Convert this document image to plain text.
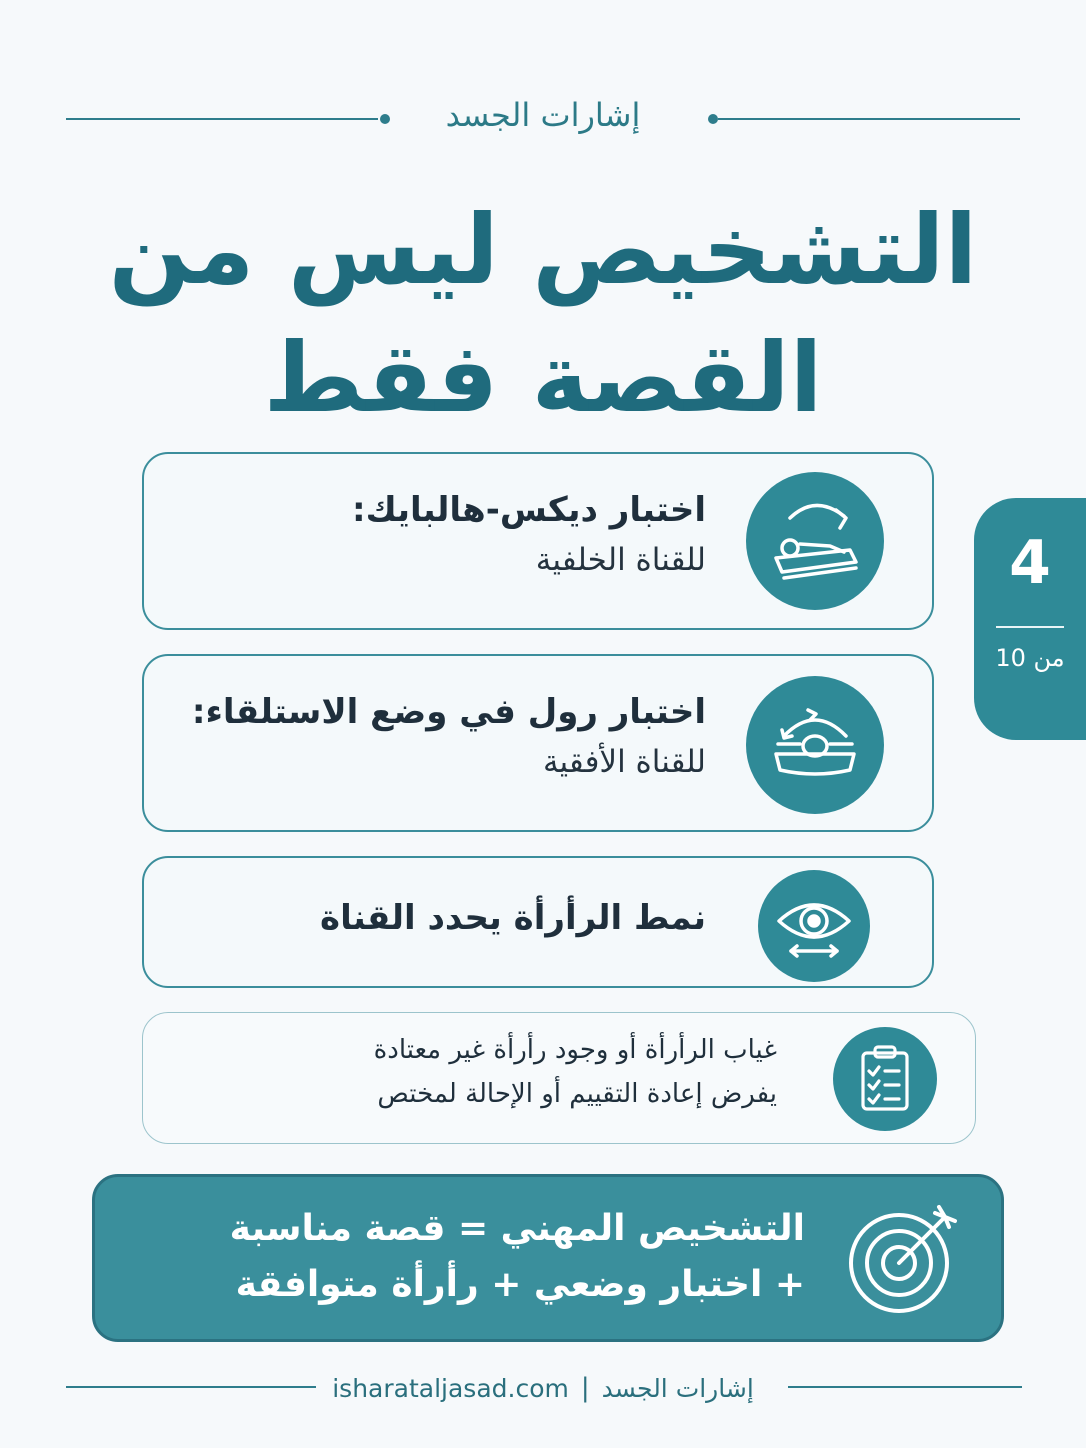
إشارات الجسد
التشخيص ليس من
القصة فقط
اختبار ديكس-هالبايك:
للقناة الخلفية
اختبار رول في وضع الاستلقاء:
للقناة الأفقية
نمط الرأرأة يحدد القناة
غياب الرأرأة أو وجود رأرأة غير معتادة
يفرض إعادة التقييم أو الإحالة لمختص
4
من 10
التشخيص المهني = قصة مناسبة
+ اختبار وضعي + رأرأة متوافقة
isharataljasad.com | إشارات الجسد
